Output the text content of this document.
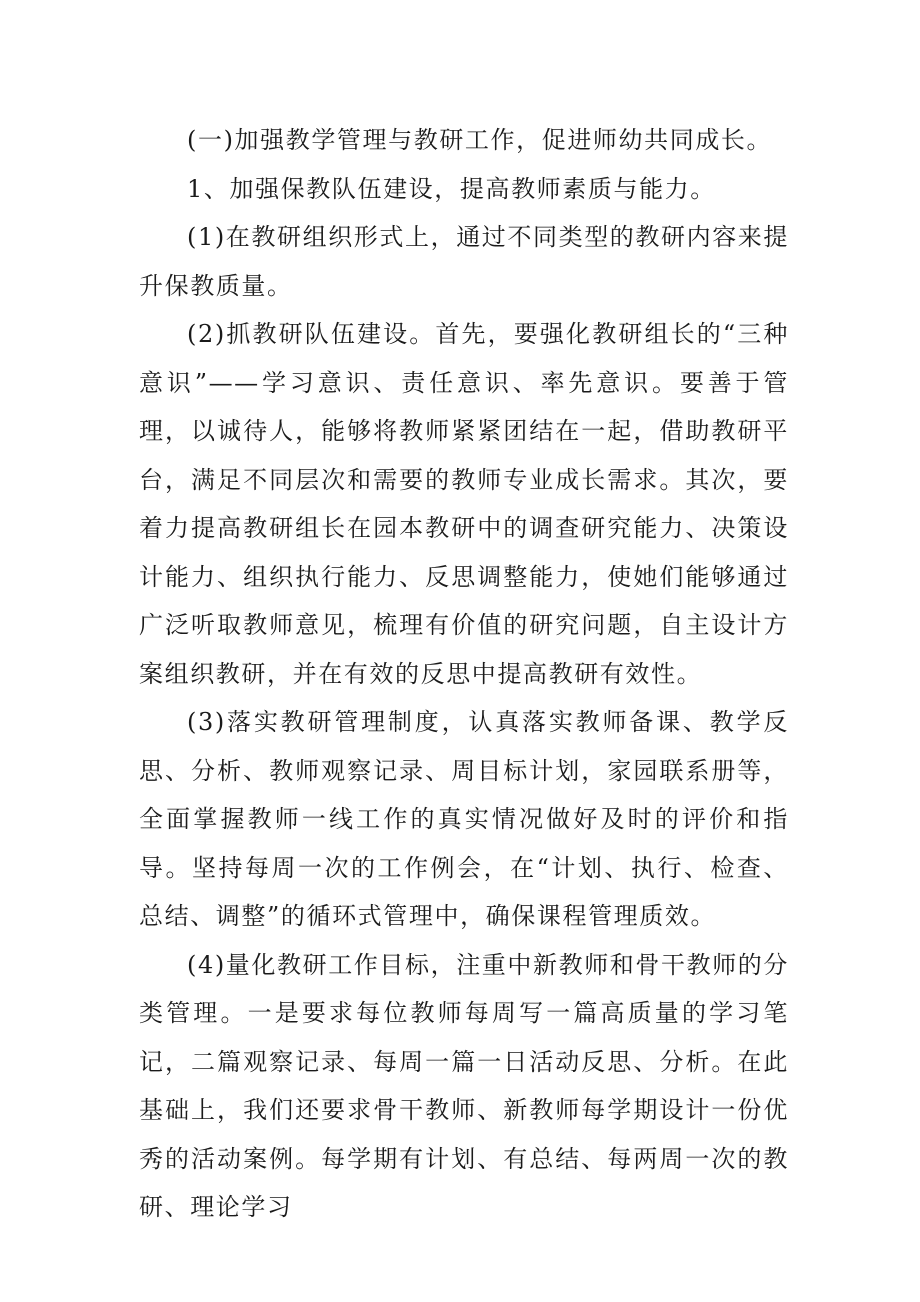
(一)加强教学管理与教研工作，促进师幼共同成长。

1、加强保教队伍建设，提高教师素质与能力。

(1)在教研组织形式上，通过不同类型的教研内容来提升保教质量。

(2)抓教研队伍建设。首先，要强化教研组长的“三种意识”——学习意识、责任意识、率先意识。要善于管理，以诚待人，能够将教师紧紧团结在一起，借助教研平台，满足不同层次和需要的教师专业成长需求。其次，要着力提高教研组长在园本教研中的调查研究能力、决策设计能力、组织执行能力、反思调整能力，使她们能够通过广泛听取教师意见，梳理有价值的研究问题，自主设计方案组织教研，并在有效的反思中提高教研有效性。

(3)落实教研管理制度，认真落实教师备课、教学反思、分析、教师观察记录、周目标计划，家园联系册等，全面掌握教师一线工作的真实情况做好及时的评价和指导。坚持每周一次的工作例会，在“计划、执行、检查、总结、调整”的循环式管理中，确保课程管理质效。

(4)量化教研工作目标，注重中新教师和骨干教师的分类管理。一是要求每位教师每周写一篇高质量的学习笔记，二篇观察记录、每周一篇一日活动反思、分析。在此基础上，我们还要求骨干教师、新教师每学期设计一份优秀的活动案例。每学期有计划、有总结、每两周一次的教研、理论学习
